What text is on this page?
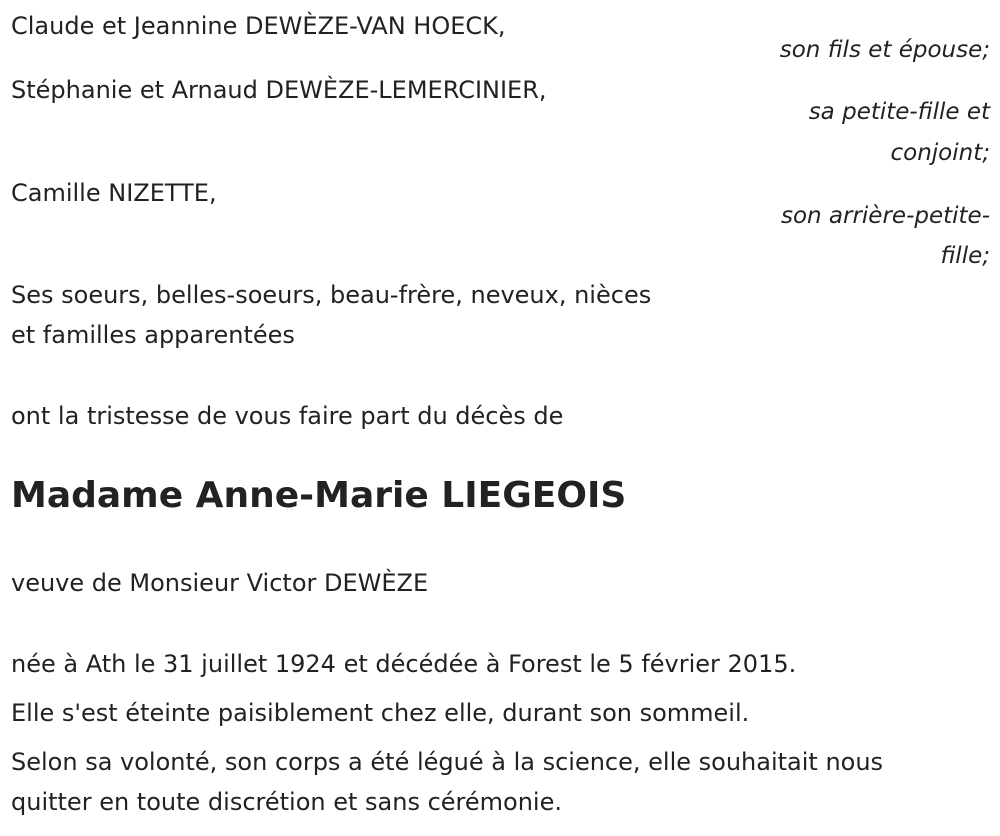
Claude et Jeannine DEWÈZE-VAN HOECK,
son fils et épouse;
Stéphanie et Arnaud DEWÈZE-LEMERCINIER,
sa petite-fille et
conjoint;
Camille NIZETTE,
son arrière-petite-
fille;
Ses soeurs, belles-soeurs, beau-frère, neveux, nièces
et familles apparentées
ont la tristesse de vous faire part du décès de
Madame Anne-Marie LIEGEOIS
veuve de Monsieur Victor DEWÈZE
née à Ath le 31 juillet 1924 et décédée à Forest le 5 février 2015.
Elle s'est éteinte paisiblement chez elle, durant son sommeil.
Selon sa volonté, son corps a été légué à la science, elle souhaitait nous
quitter en toute discrétion et sans cérémonie.
